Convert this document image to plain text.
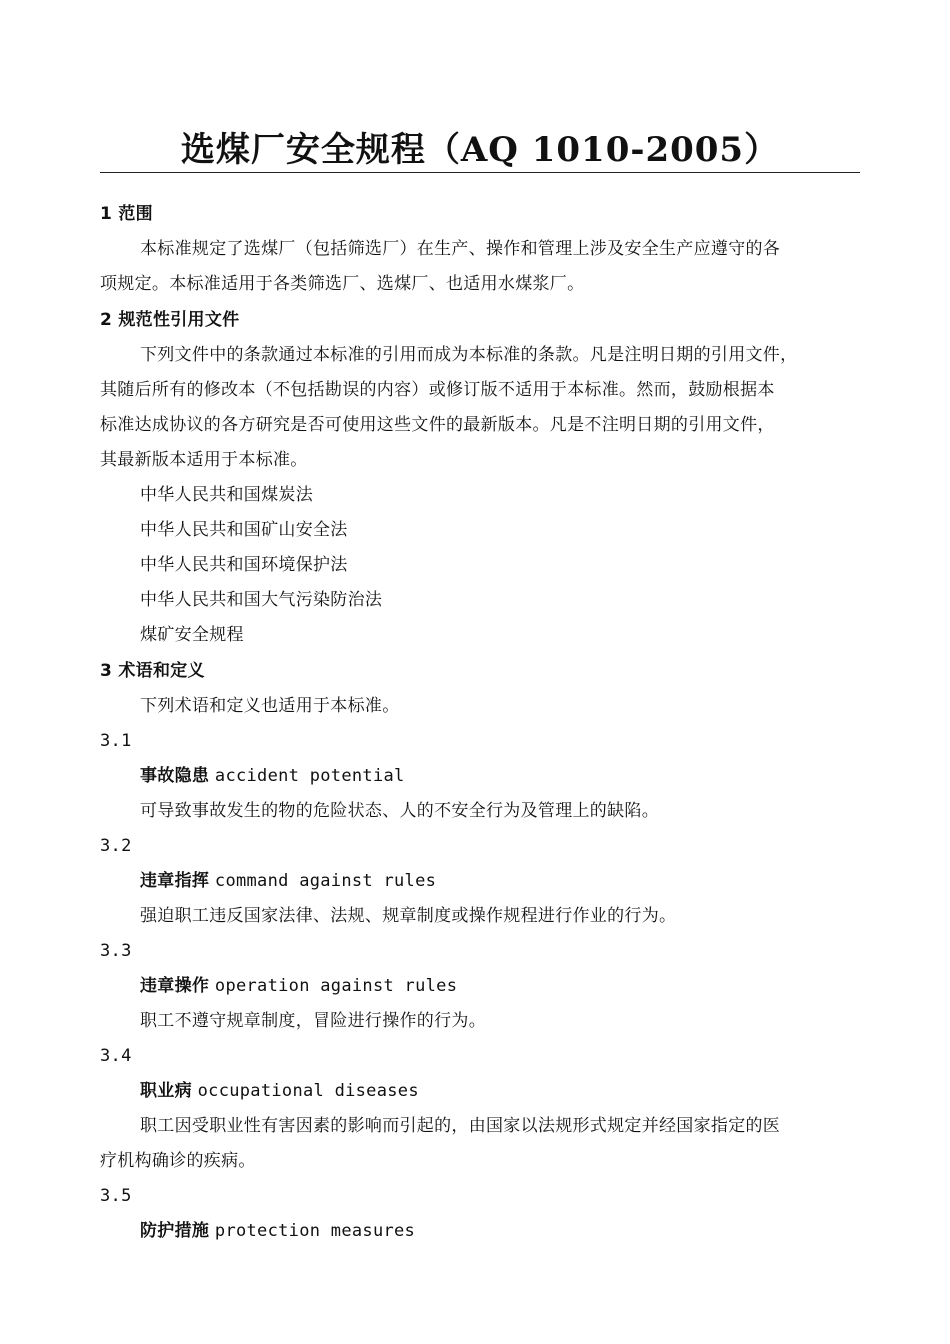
选煤厂安全规程（AQ 1010-2005）
1 范围
本标准规定了选煤厂（包括筛选厂）在生产、操作和管理上涉及安全生产应遵守的各
项规定。本标准适用于各类筛选厂、选煤厂、也适用水煤浆厂。
2 规范性引用文件
下列文件中的条款通过本标准的引用而成为本标准的条款。凡是注明日期的引用文件，
其随后所有的修改本（不包括勘误的内容）或修订版不适用于本标准。然而，鼓励根据本
标准达成协议的各方研究是否可使用这些文件的最新版本。凡是不注明日期的引用文件，
其最新版本适用于本标准。
中华人民共和国煤炭法
中华人民共和国矿山安全法
中华人民共和国环境保护法
中华人民共和国大气污染防治法
煤矿安全规程
3 术语和定义
下列术语和定义也适用于本标准。
3.1
事故隐患 accident potential
可导致事故发生的物的危险状态、人的不安全行为及管理上的缺陷。
3.2
违章指挥 command against rules
强迫职工违反国家法律、法规、规章制度或操作规程进行作业的行为。
3.3
违章操作 operation against rules
职工不遵守规章制度，冒险进行操作的行为。
3.4
职业病 occupational diseases
职工因受职业性有害因素的影响而引起的，由国家以法规形式规定并经国家指定的医
疗机构确诊的疾病。
3.5
防护措施 protection measures
